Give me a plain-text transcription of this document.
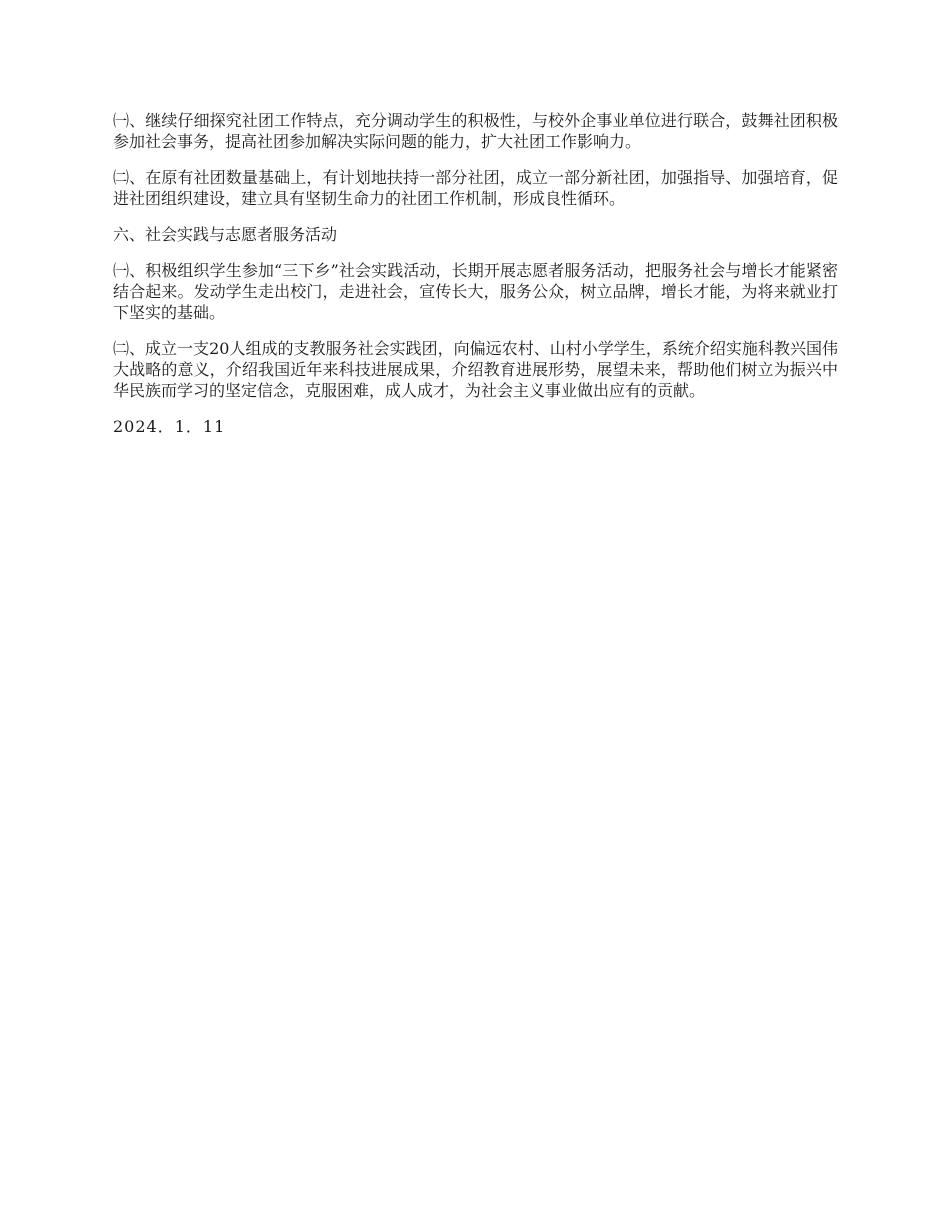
㈠、继续仔细探究社团工作特点，充分调动学生的积极性，与校外企事业单位进行联合，鼓舞社团积极参加社会事务，提高社团参加解决实际问题的能力，扩大社团工作影响力。

㈡、在原有社团数量基础上，有计划地扶持一部分社团，成立一部分新社团，加强指导、加强培育，促进社团组织建设，建立具有坚韧生命力的社团工作机制，形成良性循环。

六、社会实践与志愿者服务活动

㈠、积极组织学生参加“三下乡”社会实践活动，长期开展志愿者服务活动，把服务社会与增长才能紧密结合起来。发动学生走出校门，走进社会，宣传长大，服务公众，树立品牌，增长才能，为将来就业打下坚实的基础。

㈡、成立一支20人组成的支教服务社会实践团，向偏远农村、山村小学学生，系统介绍实施科教兴国伟大战略的意义，介绍我国近年来科技进展成果，介绍教育进展形势，展望未来，帮助他们树立为振兴中华民族而学习的坚定信念，克服困难，成人成才，为社会主义事业做出应有的贡献。

2024．1．11
